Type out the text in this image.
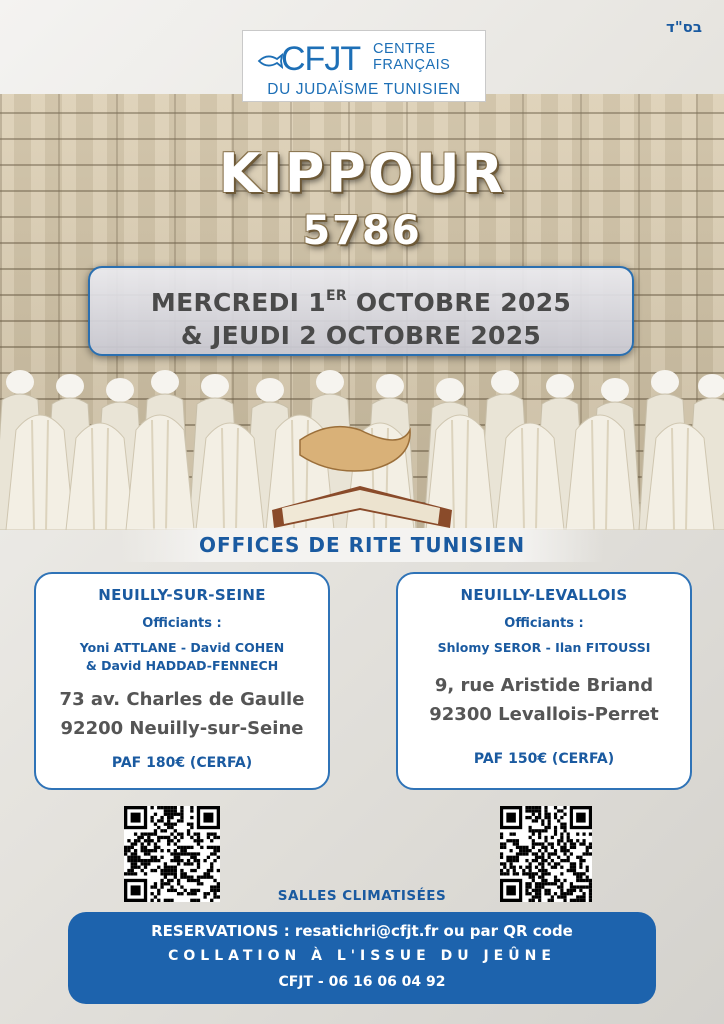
בס"ד
CFJT CENTRE
FRANÇAIS
DU JUDAÏSME TUNISIEN
KIPPOUR
5786
MERCREDI 1ER OCTOBRE 2025
& JEUDI 2 OCTOBRE 2025
OFFICES DE RITE TUNISIEN
NEUILLY-SUR-SEINE
Officiants :
Yoni ATTLANE - David COHEN
& David HADDAD-FENNECH
73 av. Charles de Gaulle
92200 Neuilly-sur-Seine
PAF 180€ (CERFA)
NEUILLY-LEVALLOIS
Officiants :
Shlomy SEROR - Ilan FITOUSSI
9, rue Aristide Briand
92300 Levallois-Perret
PAF 150€ (CERFA)
SALLES CLIMATISÉES
RESERVATIONS : resatichri@cfjt.fr ou par QR code
COLLATION À L'ISSUE DU JEÛNE
CFJT - 06 16 06 04 92
